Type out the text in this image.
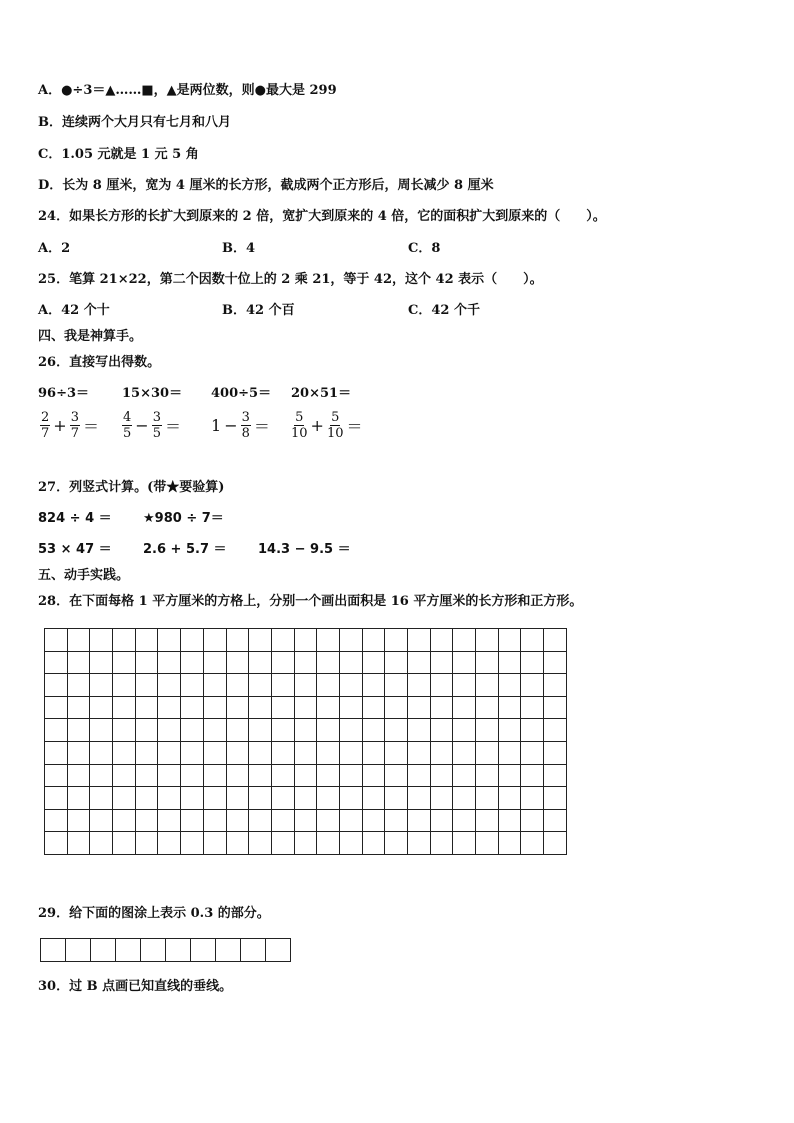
A．●÷3＝▲……■，▲是两位数，则●最大是 299
B．连续两个大月只有七月和八月
C．1.05 元就是 1 元 5 角
D．长为 8 厘米，宽为 4 厘米的长方形，截成两个正方形后，周长减少 8 厘米
24．如果长方形的长扩大到原来的 2 倍，宽扩大到原来的 4 倍，它的面积扩大到原来的（　　）。
A．2	B．4	C．8
25．笔算 21×22，第二个因数十位上的 2 乘 21，等于 42，这个 42 表示（　　）。
A．42 个十	B．42 个百	C．42 个千
四、我是神算手。
26．直接写出得数。
96÷3＝	15×30＝ 400÷5＝ 20×51＝
$\frac{2}{7} + \frac{3}{7} = \frac{4}{5} - \frac{3}{5} = 1 - \frac{3}{8} = \frac{5}{10} + \frac{5}{10}$ ＝
27．列竖式计算。(带★要验算)
824 ÷ 4 ＝ ★980 ÷ 7＝
53 × 47 ＝ 2.6 + 5.7 ＝ 14.3 − 9.5 ＝
五、动手实践。
28．在下面每格 1 平方厘米的方格上，分别一个画出面积是 16 平方厘米的长方形和正方形。

29．给下面的图涂上表示 0.3 的部分。

30．过 B 点画已知直线的垂线。
